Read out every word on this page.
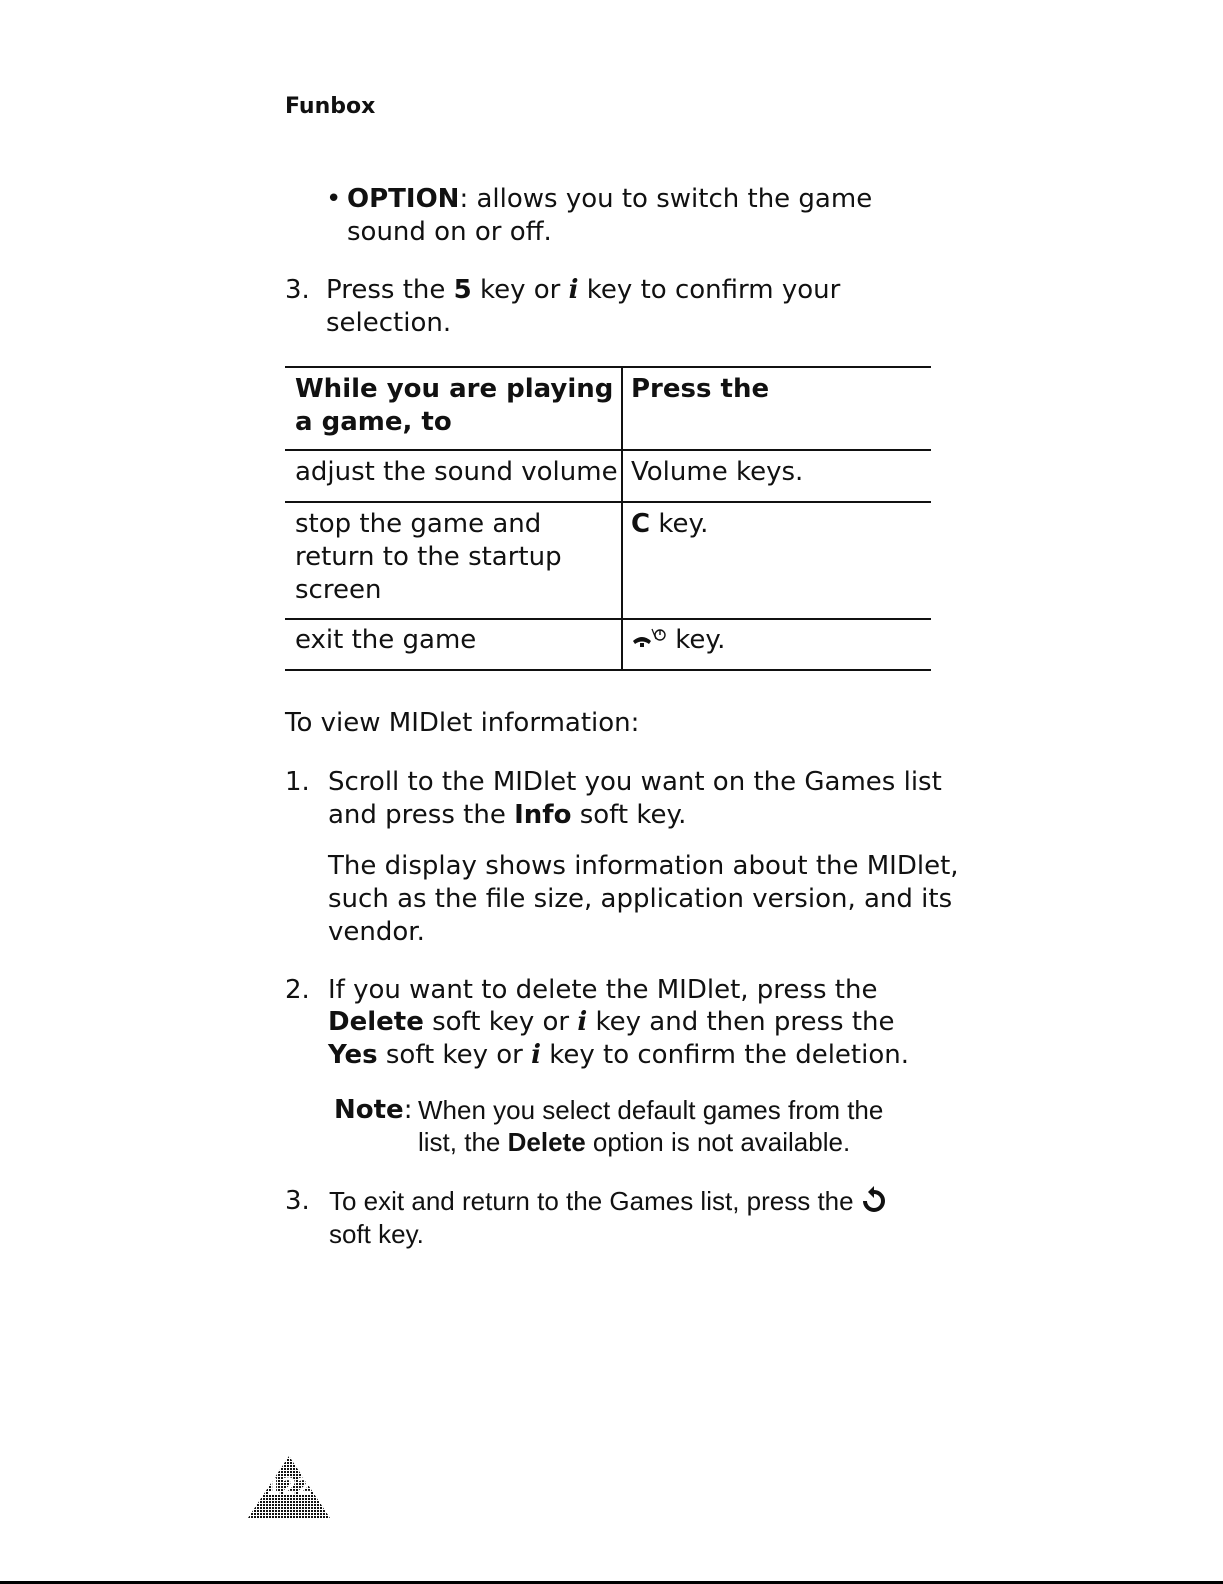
Funbox
• OPTION: allows you to switch the game
sound on or off.
3. Press the 5 key or i key to confirm your
selection.
While you are playing
a game, to
Press the
adjust the sound volume Volume keys.
stop the game and
return to the startup
screen
C key.
exit the game	key.
To view MIDlet information:
1. Scroll to the MIDlet you want on the Games list
and press the Info soft key.
The display shows information about the MIDlet,
such as the file size, application version, and its
vendor.
2. If you want to delete the MIDlet, press the
Delete soft key or i key and then press the
Yes soft key or i key to confirm the deletion.
Note: When you select default games from the
list, the Delete option is not available.
3. To exit and return to the Games list, press the
soft key.
122
